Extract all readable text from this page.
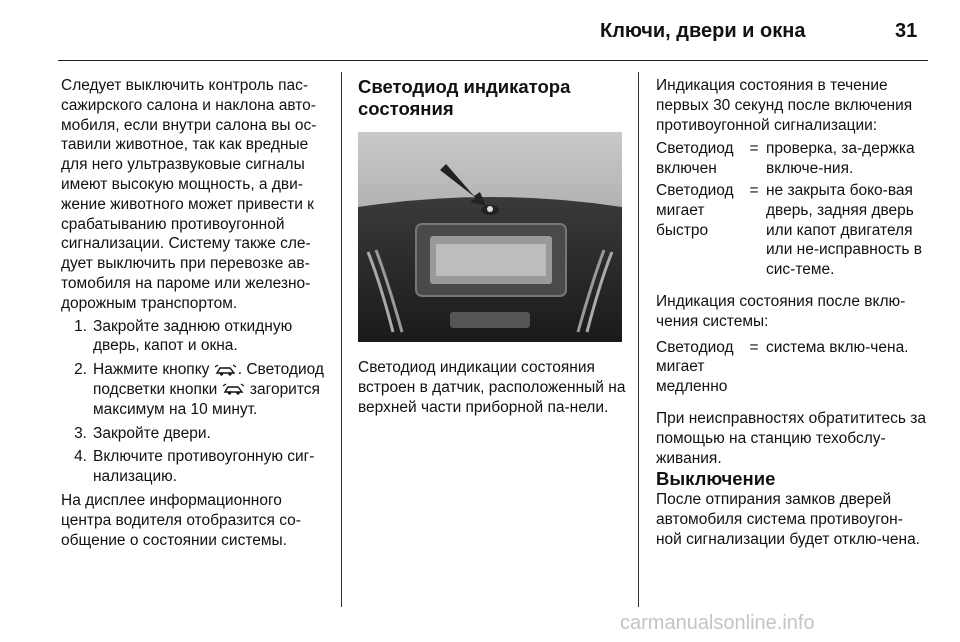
Ключи, двери и окна	31

Следует выключить контроль пас-сажирского салона и наклона авто-мобиля, если внутри салона вы ос-тавили животное, так как вредные для него ультразвуковые сигналы имеют высокую мощность, а дви-жение животного может привести к срабатыванию противоугонной сигнализации. Систему также сле-дует выключить при перевозке ав-томобиля на пароме или железно-дорожным транспортом.

1. Закройте заднюю откидную дверь, капот и окна.
2. Нажмите кнопку . Светодиод подсветки кнопки загорится максимум на 10 минут.
3. Закройте двери.
4. Включите противоугонную сиг-нализацию.

На дисплее информационного центра водителя отобразится со-общение о состоянии системы.

Светодиод индикатора состояния

Светодиод индикации состояния встроен в датчик, расположенный на верхней части приборной па-нели.

Индикация состояния в течение первых 30 секунд после включения противоугонной сигнализации:

Светодиод включен
= проверка, за-держка включе-ния.
Светодиод мигает быстро
= не закрыта боко-вая дверь, задняя дверь или капот двигателя или не-исправность в сис-теме.

Индикация состояния после вклю-чения системы:

Светодиод мигает медленно
= система вклю-чена.

При неисправностях обратититесь за помощью на станцию техобслу-живания.

Выключение

После отпирания замков дверей автомобиля система противоугон-ной сигнализации будет отклю-чена.

carmanualsonline.info
